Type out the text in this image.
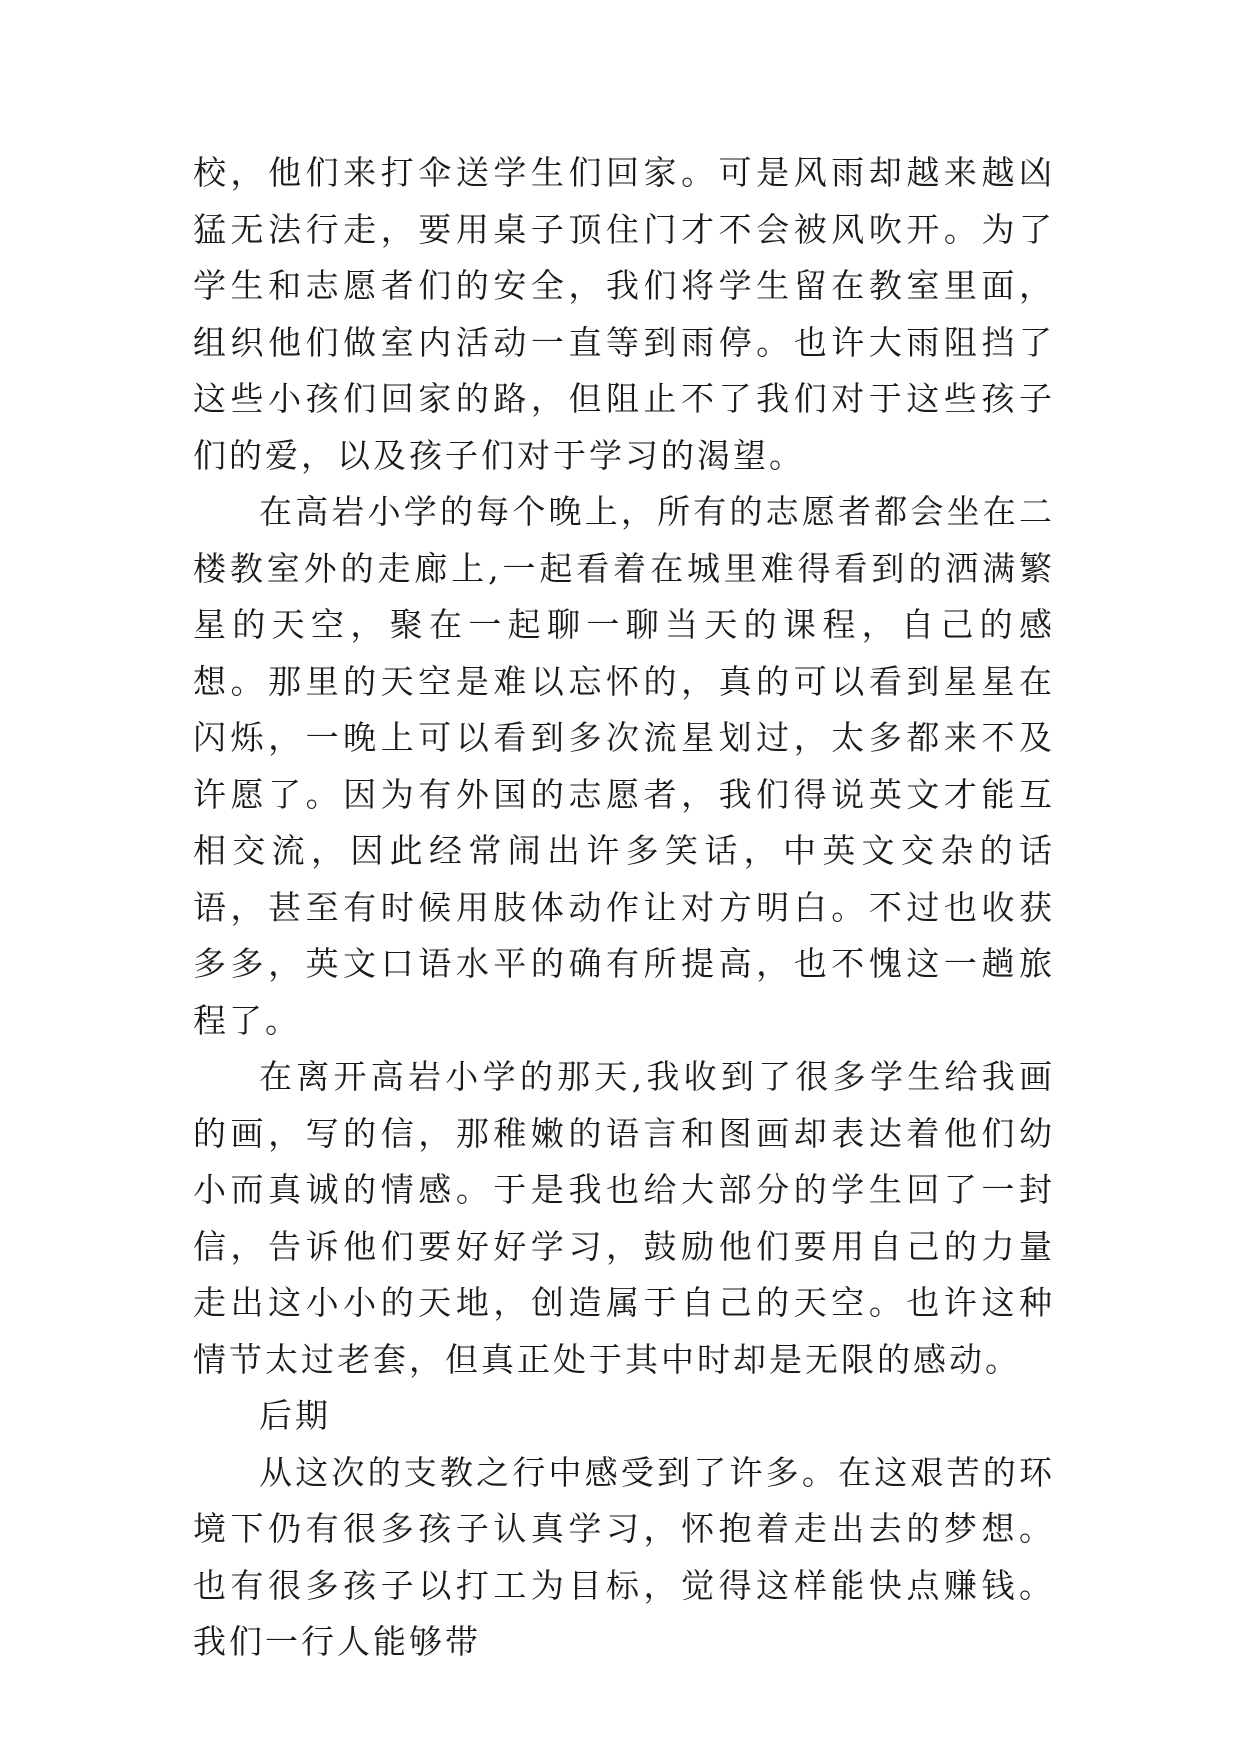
校，他们来打伞送学生们回家。可是风雨却越来越凶猛无法行走，要用桌子顶住门才不会被风吹开。为了学生和志愿者们的安全，我们将学生留在教室里面，组织他们做室内活动一直等到雨停。也许大雨阻挡了这些小孩们回家的路，但阻止不了我们对于这些孩子们的爱，以及孩子们对于学习的渴望。

在高岩小学的每个晚上，所有的志愿者都会坐在二楼教室外的走廊上,一起看着在城里难得看到的洒满繁星的天空，聚在一起聊一聊当天的课程，自己的感想。那里的天空是难以忘怀的，真的可以看到星星在闪烁，一晚上可以看到多次流星划过，太多都来不及许愿了。因为有外国的志愿者，我们得说英文才能互相交流，因此经常闹出许多笑话，中英文交杂的话语，甚至有时候用肢体动作让对方明白。不过也收获多多，英文口语水平的确有所提高，也不愧这一趟旅程了。

在离开高岩小学的那天,我收到了很多学生给我画的画，写的信，那稚嫩的语言和图画却表达着他们幼小而真诚的情感。于是我也给大部分的学生回了一封信，告诉他们要好好学习，鼓励他们要用自己的力量走出这小小的天地，创造属于自己的天空。也许这种情节太过老套，但真正处于其中时却是无限的感动。

后期

从这次的支教之行中感受到了许多。在这艰苦的环境下仍有很多孩子认真学习，怀抱着走出去的梦想。也有很多孩子以打工为目标，觉得这样能快点赚钱。我们一行人能够带
